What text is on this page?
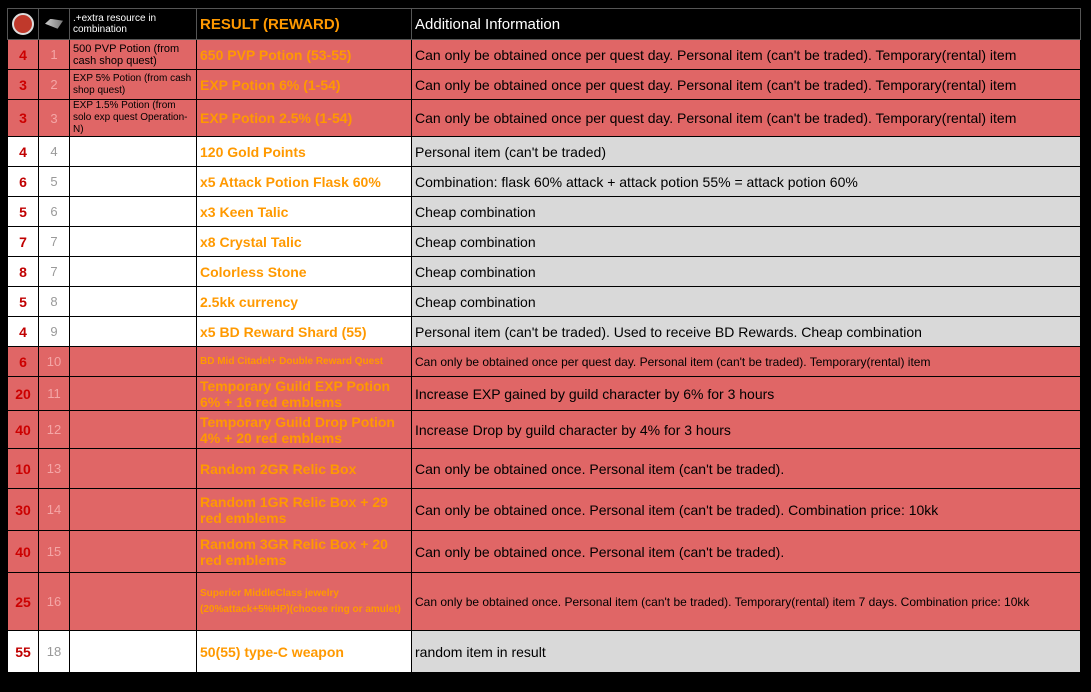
		.+extra resource in combination	RESULT (REWARD)	Additional Information
4	1	500 PVP Potion (from cash shop quest)	650 PVP Potion (53-55)	Can only be obtained once per quest day. Personal item (can't be traded). Temporary(rental) item
3	2	EXP 5% Potion (from cash shop quest)	EXP Potion 6% (1-54)	Can only be obtained once per quest day. Personal item (can't be traded). Temporary(rental) item
3	3	EXP 1.5% Potion (from solo exp quest Operation-N)	EXP Potion 2.5% (1-54)	Can only be obtained once per quest day. Personal item (can't be traded). Temporary(rental) item
4	4		120 Gold Points	Personal item (can't be traded)
6	5		x5 Attack Potion Flask 60%	Combination: flask 60% attack + attack potion 55% = attack potion 60%
5	6		x3 Keen Talic	Cheap combination
7	7		x8 Crystal Talic	Cheap combination
8	7		Colorless Stone	Cheap combination
5	8		2.5kk currency	Cheap combination
4	9		x5 BD Reward Shard (55)	Personal item (can't be traded). Used to receive BD Rewards. Cheap combination
6	10		BD Mid Citadel+ Double Reward Quest	Can only be obtained once per quest day. Personal item (can't be traded). Temporary(rental) item
20	11		Temporary Guild EXP Potion 6% + 16 red emblems	Increase EXP gained by guild character by 6% for 3 hours
40	12		Temporary Guild Drop Potion 4% + 20 red emblems	Increase Drop by guild character by 4% for 3 hours
10	13		Random 2GR Relic Box	Can only be obtained once. Personal item (can't be traded).
30	14		Random 1GR Relic Box + 29 red emblems	Can only be obtained once. Personal item (can't be traded). Combination price: 10kk
40	15		Random 3GR Relic Box + 20 red emblems	Can only be obtained once. Personal item (can't be traded).
25	16		Superior MiddleClass jewelry (20%attack+5%HP)(choose ring or amulet)	Can only be obtained once. Personal item (can't be traded). Temporary(rental) item 7 days. Combination price: 10kk
55	18		50(55) type-C weapon	random item in result
